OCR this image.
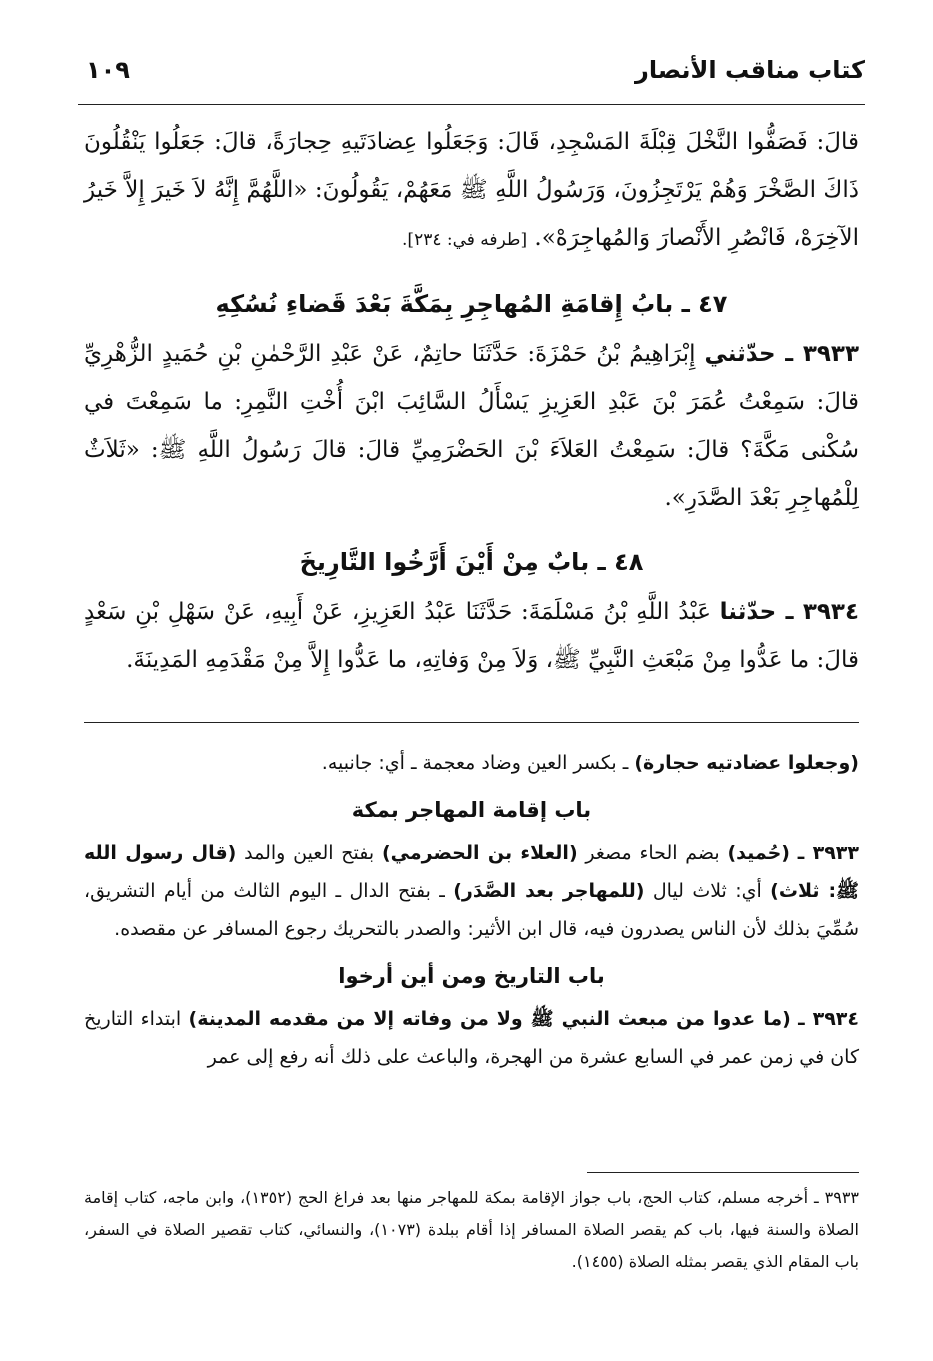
كتاب مناقب الأنصار
١٠٩

قالَ: فَصَفُّوا النَّخْلَ قِبْلَةَ المَسْجِدِ، قَالَ: وَجَعَلُوا عِضادَتَيهِ حِجارَةً، قالَ: جَعَلُوا يَنْقُلُونَ ذَاكَ الصَّخْرَ وَهُمْ يَرْتَجِزُونَ، وَرَسُولُ اللَّهِ ﷺ مَعَهُمْ، يَقُولُونَ: «اللَّهُمَّ إِنَّهُ لاَ خَيرَ إِلاَّ خَيرُ الآخِرَهْ، فَانْصُرِ الأَنْصارَ وَالمُهاجِرَهْ». [طرفه في: ٢٣٤].

٤٧ ـ بابُ إِقامَةِ المُهاجِرِ بِمَكَّةَ بَعْدَ قَضاءِ نُسُكِهِ

٣٩٣٣ ـ حدّثني إِبْرَاهِيمُ بْنُ حَمْزَةَ: حَدَّثَنَا حاتِمٌ، عَنْ عَبْدِ الرَّحْمٰنِ بْنِ حُمَيدٍ الزُّهْرِيِّ قالَ: سَمِعْتُ عُمَرَ بْنَ عَبْدِ العَزِيزِ يَسْأَلُ السَّائِبَ ابْنَ أُخْتِ النَّمِرِ: ما سَمِعْتَ في سُكْنى مَكَّةَ؟ قالَ: سَمِعْتُ العَلاَءَ بْنَ الحَضْرَمِيِّ قالَ: قالَ رَسُولُ اللَّهِ ﷺ: «ثَلاَثٌ لِلْمُهاجِرِ بَعْدَ الصَّدَرِ».

٤٨ ـ بابٌ مِنْ أَيْنَ أَرَّخُوا التَّارِيخَ

٣٩٣٤ ـ حدّثنا عَبْدُ اللَّهِ بْنُ مَسْلَمَةَ: حَدَّثَنَا عَبْدُ العَزِيزِ، عَنْ أَبِيهِ، عَنْ سَهْلِ بْنِ سَعْدٍ قالَ: ما عَدُّوا مِنْ مَبْعَثِ النَّبِيِّ ﷺ، وَلاَ مِنْ وَفاتِهِ، ما عَدُّوا إِلاَّ مِنْ مَقْدَمِهِ المَدِينَةَ.

(وجعلوا عضادتيه حجارة) ـ بكسر العين وضاد معجمة ـ أي: جانبيه.

باب إقامة المهاجر بمكة

٣٩٣٣ ـ (حُميد) بضم الحاء مصغر (العلاء بن الحضرمي) بفتح العين والمد (قال رسول الله ﷺ: ثلاث) أي: ثلاث ليال (للمهاجر بعد الصَّدَر) ـ بفتح الدال ـ اليوم الثالث من أيام التشريق، سُمِّيَ بذلك لأن الناس يصدرون فيه، قال ابن الأثير: والصدر بالتحريك رجوع المسافر عن مقصده.

باب التاريخ ومن أين أرخوا

٣٩٣٤ ـ (ما عدوا من مبعث النبي ﷺ ولا من وفاته إلا من مقدمه المدينة) ابتداء التاريخ كان في زمن عمر في السابع عشرة من الهجرة، والباعث على ذلك أنه رفع إلى عمر

٣٩٣٣ ـ أخرجه مسلم، كتاب الحج، باب جواز الإقامة بمكة للمهاجر منها بعد فراغ الحج (١٣٥٢)، وابن ماجه، كتاب إقامة الصلاة والسنة فيها، باب كم يقصر الصلاة المسافر إذا أقام ببلدة (١٠٧٣)، والنسائي، كتاب تقصير الصلاة في السفر، باب المقام الذي يقصر بمثله الصلاة (١٤٥٥).
